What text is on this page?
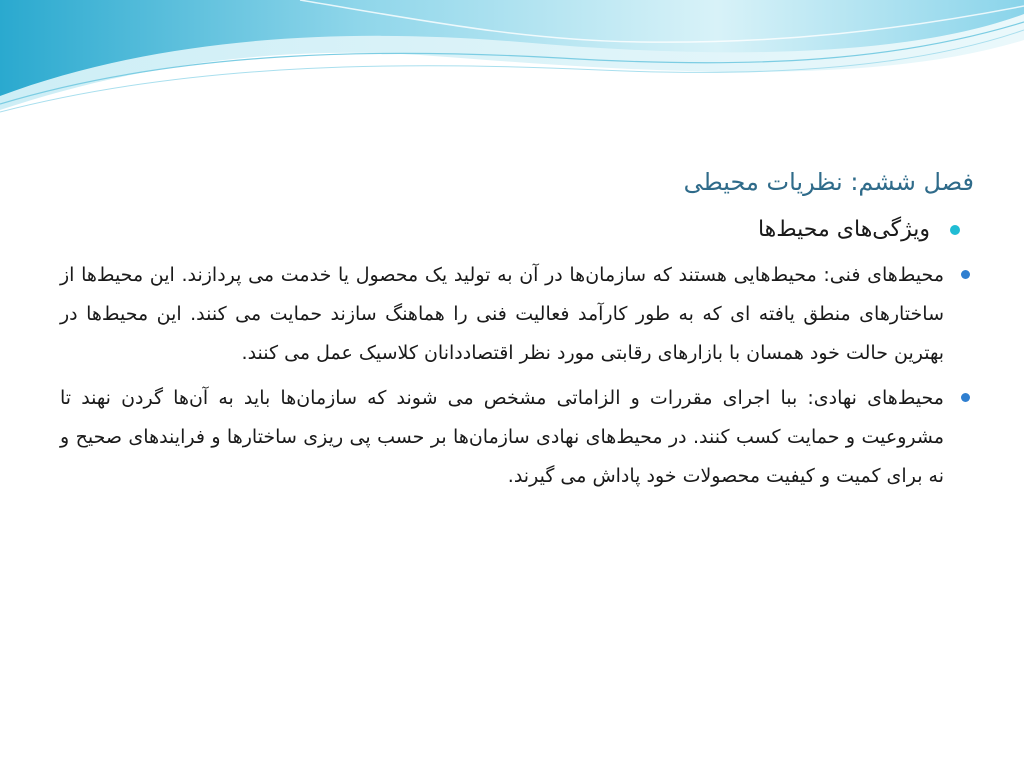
فصل ششم: نظریات محیطی
ویژگی‌های محیط‌ها
محیط‌های فنی: محیط‌هایی هستند که سازمان‌ها در آن به تولید یک محصول یا خدمت می پردازند. این محیط‌ها از ساختارهای منطق یافته ای که به طور کارآمد فعالیت فنی را هماهنگ سازند حمایت می کنند. این محیط‌ها در بهترین حالت خود همسان با بازارهای رقابتی مورد نظر اقتصاددانان کلاسیک عمل می کنند.
محیط‌های نهادی: ببا اجرای مقررات و الزاماتی مشخص می شوند که سازمان‌ها باید به آن‌ها گردن نهند تا مشروعیت و حمایت کسب کنند. در محیط‌های نهادی سازمان‌ها بر حسب پی ریزی ساختارها و فرایندهای صحیح و نه برای کمیت و کیفیت محصولات خود پاداش می گیرند.
